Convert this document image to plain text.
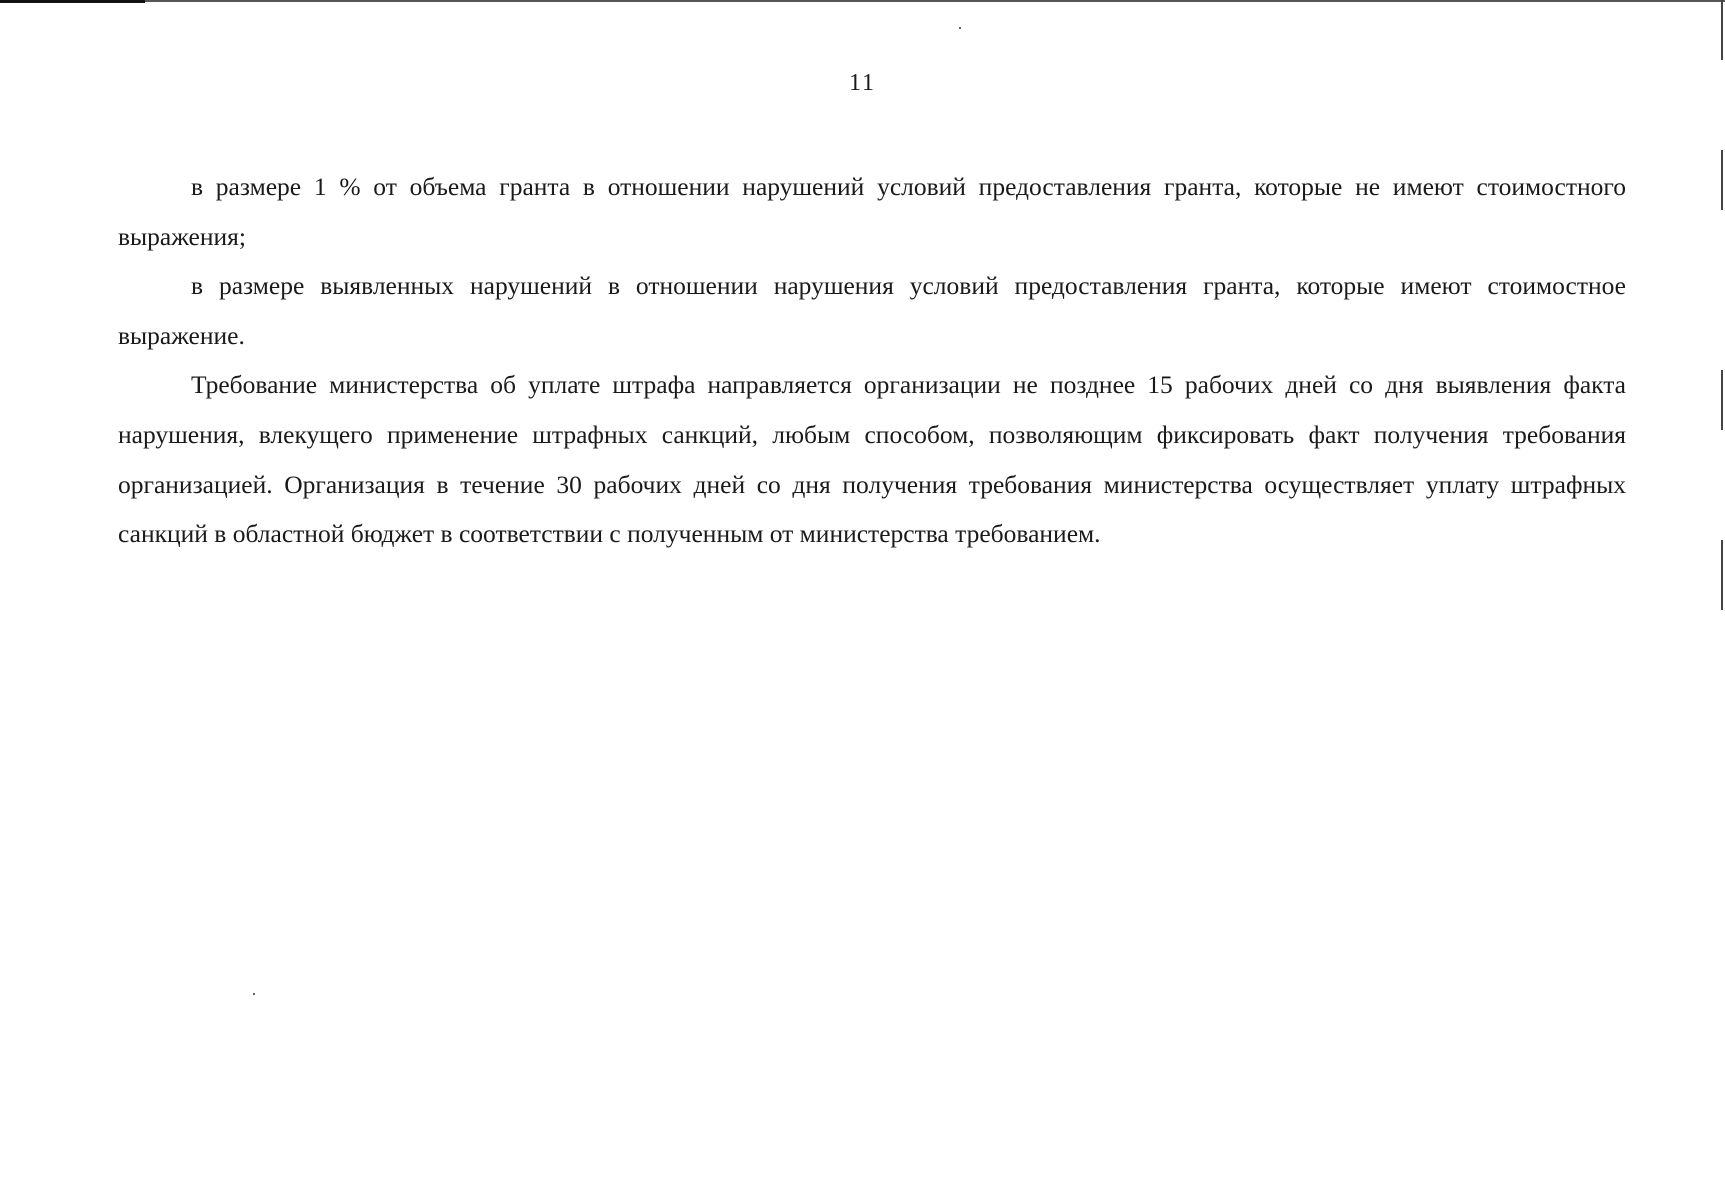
11

в размере 1 % от объема гранта в отношении нарушений условий предоставления гранта, которые не имеют стоимостного выражения;

в размере выявленных нарушений в отношении нарушения условий предоставления гранта, которые имеют стоимостное выражение.

Требование министерства об уплате штрафа направляется организации не позднее 15 рабочих дней со дня выявления факта нарушения, влекущего применение штрафных санкций, любым способом, позволяющим фиксировать факт получения требования организацией. Организация в течение 30 рабочих дней со дня получения требования министерства осуществляет уплату штрафных санкций в областной бюджет в соответствии с полученным от министерства требованием.
